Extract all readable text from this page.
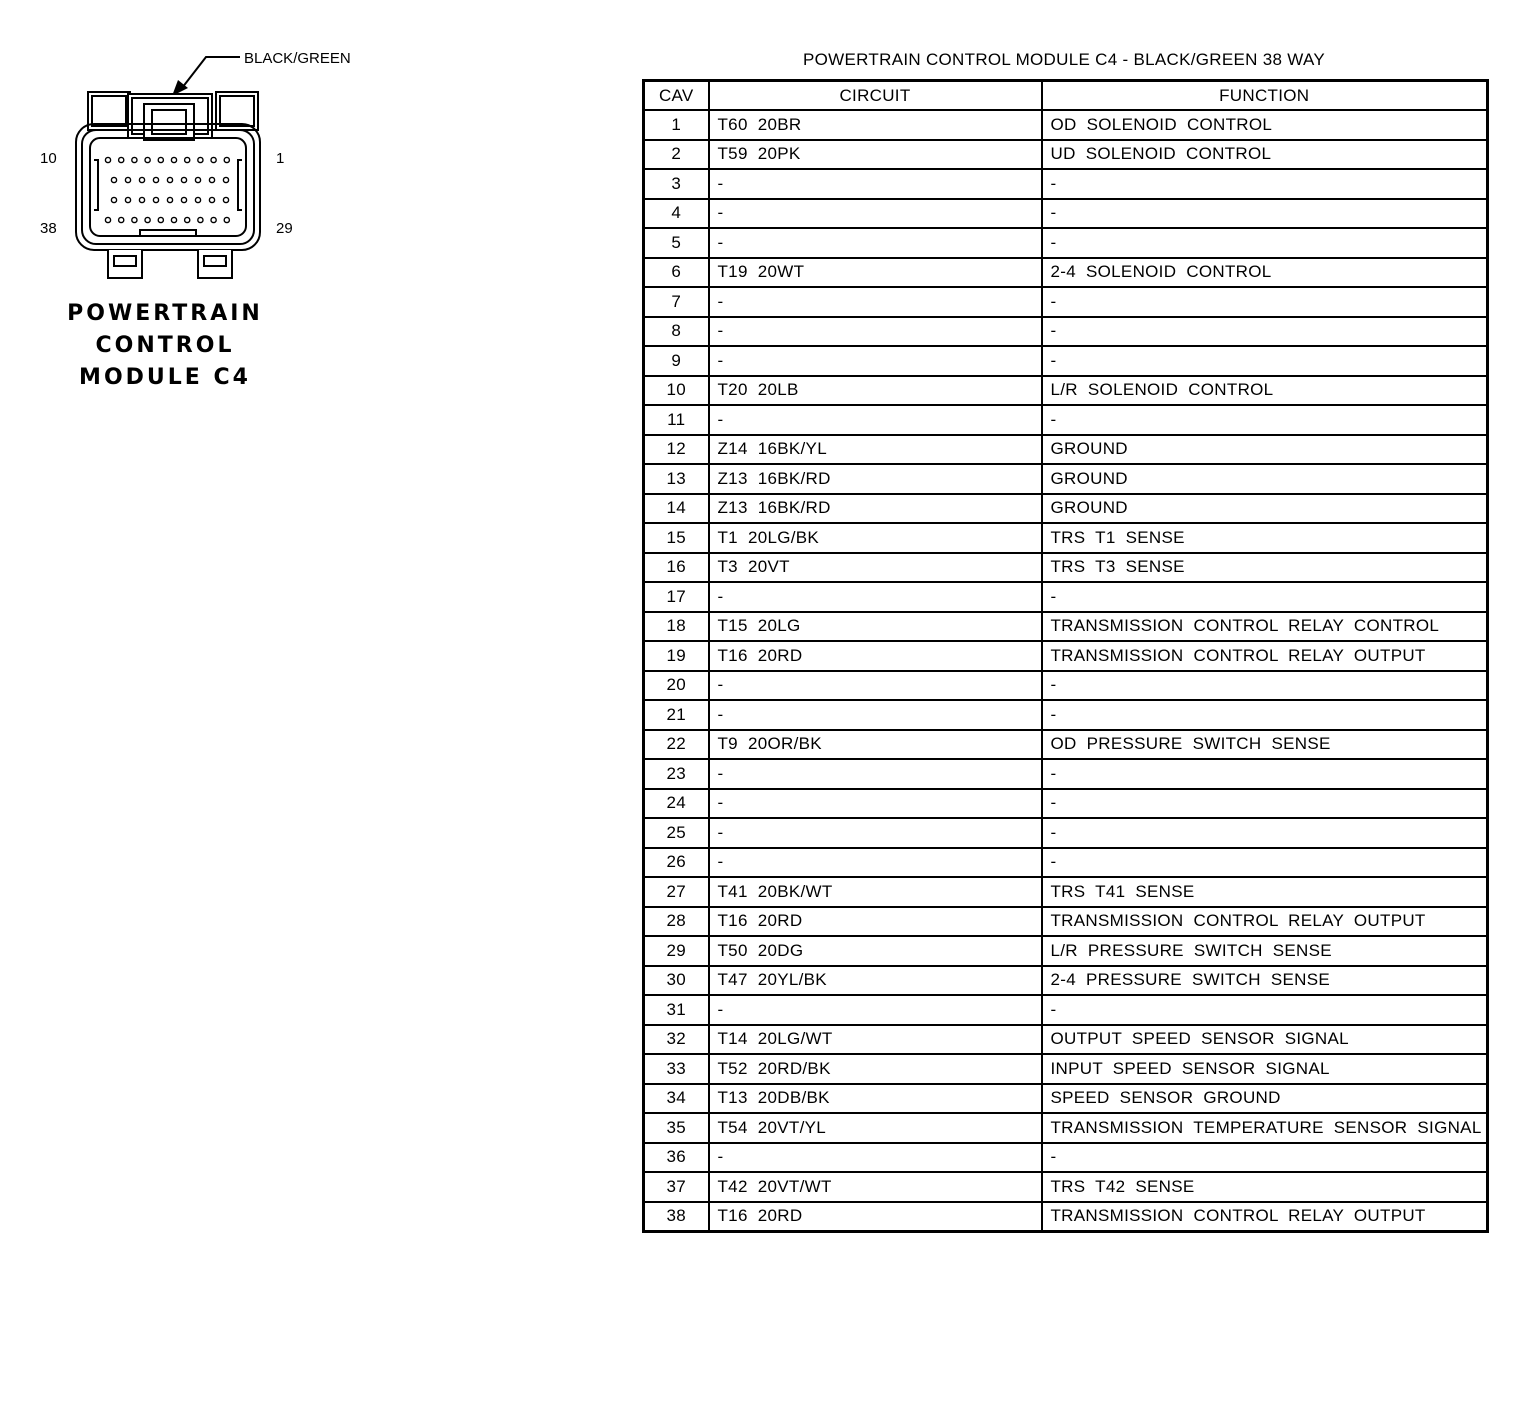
BLACK/GREEN
10	1
38	29
POWERTRAIN
CONTROL
MODULE C4
POWERTRAIN CONTROL MODULE C4 - BLACK/GREEN 38 WAY
CAV	CIRCUIT	FUNCTION
1	T60  20BR	OD  SOLENOID  CONTROL
2	T59  20PK	UD  SOLENOID  CONTROL
3	-	-
4	-	-
5	-	-
6	T19  20WT	2-4  SOLENOID  CONTROL
7	-	-
8	-	-
9	-	-
10	T20  20LB	L/R  SOLENOID  CONTROL
11	-	-
12	Z14  16BK/YL	GROUND
13	Z13  16BK/RD	GROUND
14	Z13  16BK/RD	GROUND
15	T1  20LG/BK	TRS  T1  SENSE
16	T3  20VT	TRS  T3  SENSE
17	-	-
18	T15  20LG	TRANSMISSION  CONTROL  RELAY  CONTROL
19	T16  20RD	TRANSMISSION  CONTROL  RELAY  OUTPUT
20	-	-
21	-	-
22	T9  20OR/BK	OD  PRESSURE  SWITCH  SENSE
23	-	-
24	-	-
25	-	-
26	-	-
27	T41  20BK/WT	TRS  T41  SENSE
28	T16  20RD	TRANSMISSION  CONTROL  RELAY  OUTPUT
29	T50  20DG	L/R  PRESSURE  SWITCH  SENSE
30	T47  20YL/BK	2-4  PRESSURE  SWITCH  SENSE
31	-	-
32	T14  20LG/WT	OUTPUT  SPEED  SENSOR  SIGNAL
33	T52  20RD/BK	INPUT  SPEED  SENSOR  SIGNAL
34	T13  20DB/BK	SPEED  SENSOR  GROUND
35	T54  20VT/YL	TRANSMISSION  TEMPERATURE  SENSOR  SIGNAL
36	-	-
37	T42  20VT/WT	TRS  T42  SENSE
38	T16  20RD	TRANSMISSION  CONTROL  RELAY  OUTPUT
